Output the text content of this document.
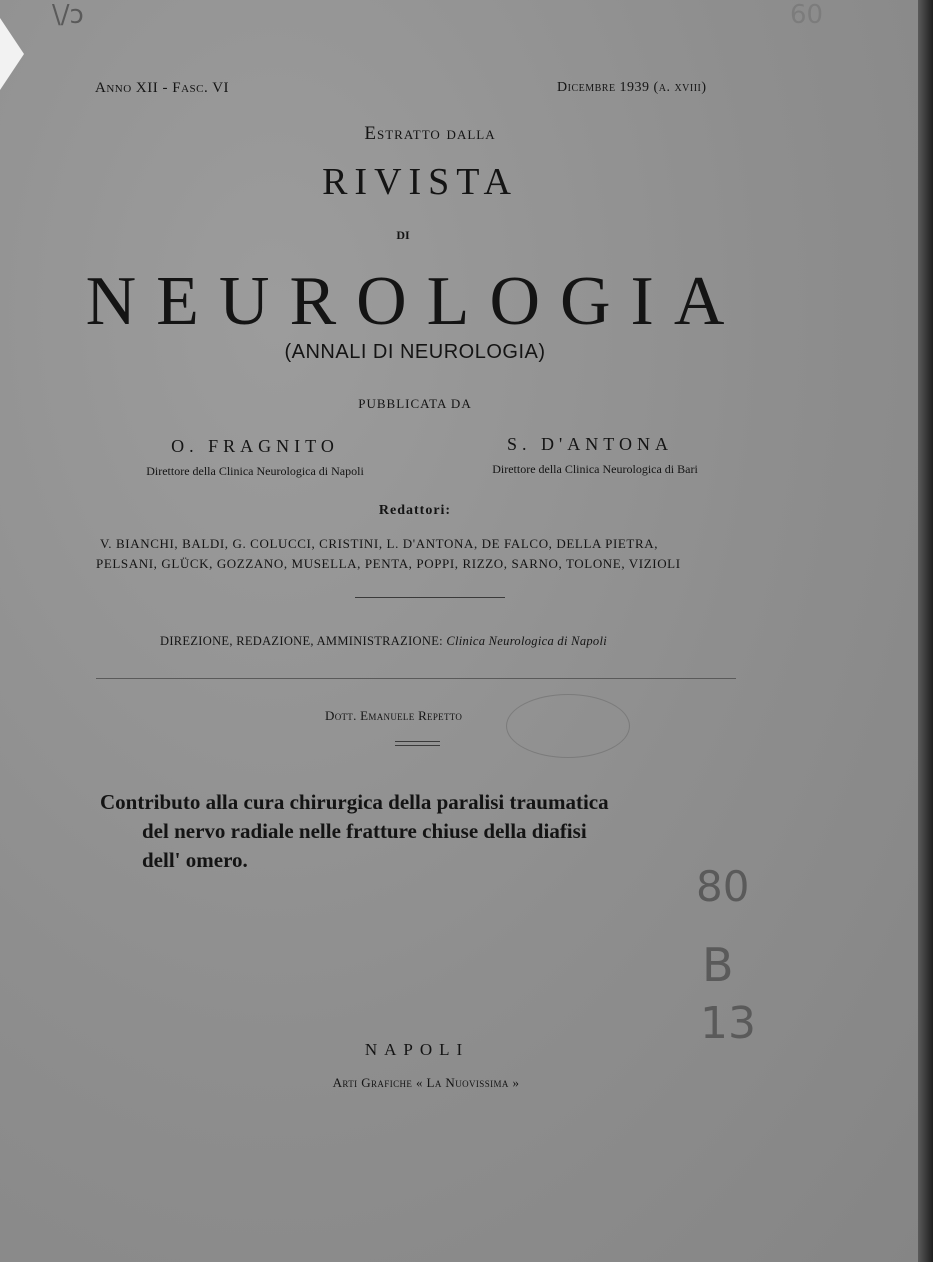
\/ɔ	60
Anno XII - Fasc. VI	Dicembre 1939 (a. xviii)
Estratto dalla
RIVISTA
DI
NEUROLOGIA
(ANNALI DI NEUROLOGIA)
PUBBLICATA DA
O. FRAGNITO
Direttore della Clinica Neurologica di Napoli
S. D'ANTONA
Direttore della Clinica Neurologica di Bari
Redattori:
V. BIANCHI, BALDI, G. COLUCCI, CRISTINI, L. D'ANTONA, DE FALCO, DELLA PIETRA,
PELSANI, GLÜCK, GOZZANO, MUSELLA, PENTA, POPPI, RIZZO, SARNO, TOLONE, VIZIOLI
DIREZIONE, REDAZIONE, AMMINISTRAZIONE: Clinica Neurologica di Napoli
Dott. Emanuele Repetto
Contributo alla cura chirurgica della paralisi traumatica
del nervo radiale nelle fratture chiuse della diafisi
dell' omero.
80
B
13
NAPOLI
Arti Grafiche « La Nuovissima »
